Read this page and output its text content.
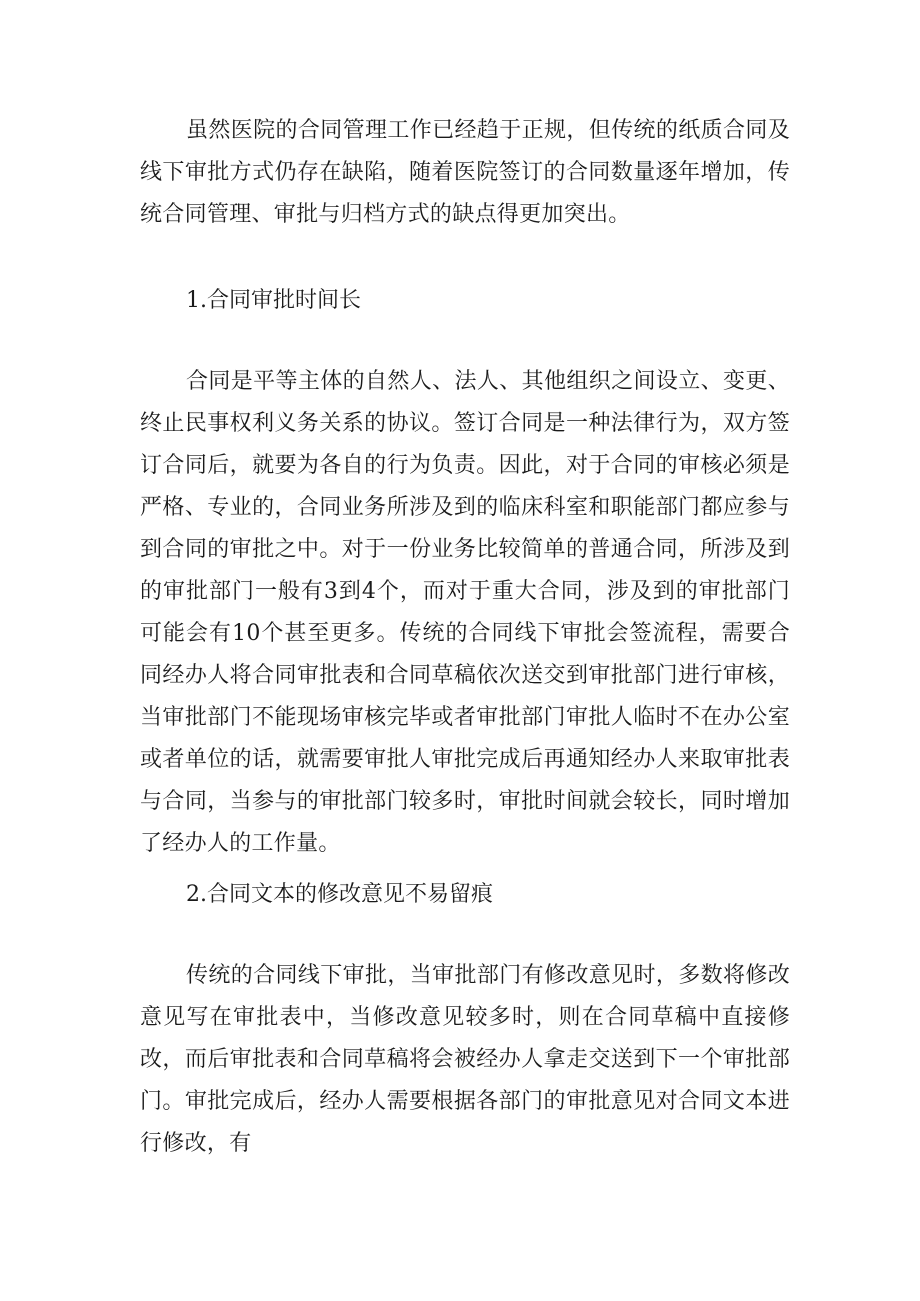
虽然医院的合同管理工作已经趋于正规，但传统的纸质合同及线下审批方式仍存在缺陷，随着医院签订的合同数量逐年增加，传统合同管理、审批与归档方式的缺点得更加突出。

1.合同审批时间长

合同是平等主体的自然人、法人、其他组织之间设立、变更、终止民事权利义务关系的协议。签订合同是一种法律行为，双方签订合同后，就要为各自的行为负责。因此，对于合同的审核必须是严格、专业的，合同业务所涉及到的临床科室和职能部门都应参与到合同的审批之中。对于一份业务比较简单的普通合同，所涉及到的审批部门一般有3到4个，而对于重大合同，涉及到的审批部门可能会有10个甚至更多。传统的合同线下审批会签流程，需要合同经办人将合同审批表和合同草稿依次送交到审批部门进行审核，当审批部门不能现场审核完毕或者审批部门审批人临时不在办公室或者单位的话，就需要审批人审批完成后再通知经办人来取审批表与合同，当参与的审批部门较多时，审批时间就会较长，同时增加了经办人的工作量。

2.合同文本的修改意见不易留痕

传统的合同线下审批，当审批部门有修改意见时，多数将修改意见写在审批表中，当修改意见较多时，则在合同草稿中直接修改，而后审批表和合同草稿将会被经办人拿走交送到下一个审批部门。审批完成后，经办人需要根据各部门的审批意见对合同文本进行修改，有
